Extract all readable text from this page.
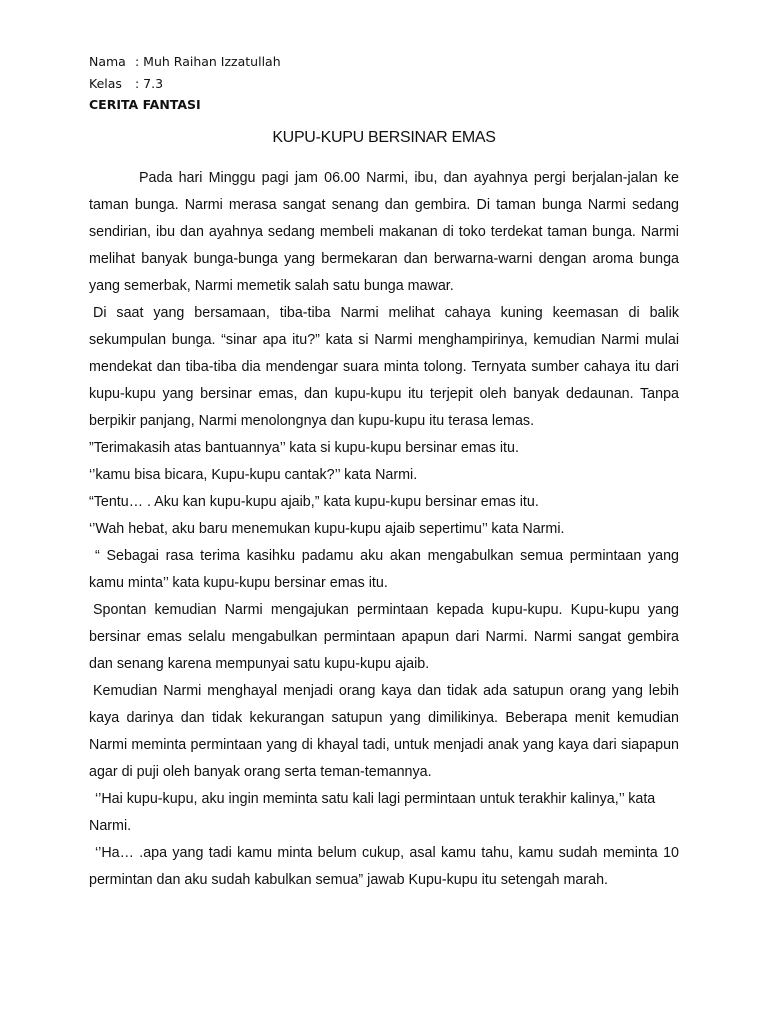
Nama : Muh Raihan Izzatullah
Kelas	: 7.3
CERITA FANTASI
KUPU-KUPU BERSINAR EMAS

Pada hari Minggu pagi jam 06.00 Narmi, ibu, dan ayahnya pergi berjalan-jalan ke taman bunga. Narmi merasa sangat senang dan gembira. Di taman bunga Narmi sedang sendirian, ibu dan ayahnya sedang membeli makanan di toko terdekat taman bunga. Narmi melihat banyak bunga-bunga yang bermekaran dan berwarna-warni dengan aroma bunga yang semerbak, Narmi memetik salah satu bunga mawar.

Di saat yang bersamaan, tiba-tiba Narmi melihat cahaya kuning keemasan di balik sekumpulan bunga. “sinar apa itu?” kata si Narmi menghampirinya, kemudian Narmi mulai mendekat dan tiba-tiba dia mendengar suara minta tolong. Ternyata sumber cahaya itu dari kupu-kupu yang bersinar emas, dan kupu-kupu itu terjepit oleh banyak dedaunan. Tanpa berpikir panjang, Narmi menolongnya dan kupu-kupu itu terasa lemas.

”Terimakasih atas bantuannya’’ kata si kupu-kupu bersinar emas itu.

‘’kamu bisa bicara, Kupu-kupu cantak?’’ kata Narmi.

“Tentu… . Aku kan kupu-kupu ajaib,” kata kupu-kupu bersinar emas itu.

‘’Wah hebat, aku baru menemukan kupu-kupu ajaib sepertimu’’ kata Narmi.

“ Sebagai rasa terima kasihku padamu aku akan mengabulkan semua permintaan yang kamu minta’’ kata kupu-kupu bersinar emas itu.

Spontan kemudian Narmi mengajukan permintaan kepada kupu-kupu. Kupu-kupu yang bersinar emas selalu mengabulkan permintaan apapun dari Narmi. Narmi sangat gembira dan senang karena mempunyai satu kupu-kupu ajaib.

Kemudian Narmi menghayal menjadi orang kaya dan tidak ada satupun orang yang lebih kaya darinya dan tidak kekurangan satupun yang dimilikinya. Beberapa menit kemudian Narmi meminta permintaan yang di khayal tadi, untuk menjadi anak yang kaya dari siapapun agar di puji oleh banyak orang serta teman-temannya.

‘’Hai kupu-kupu, aku ingin meminta satu kali lagi permintaan untuk terakhir kalinya,’’ kata Narmi.

‘’Ha… .apa yang tadi kamu minta belum cukup, asal kamu tahu, kamu sudah meminta 10 permintan dan aku sudah kabulkan semua” jawab Kupu-kupu itu setengah marah.
